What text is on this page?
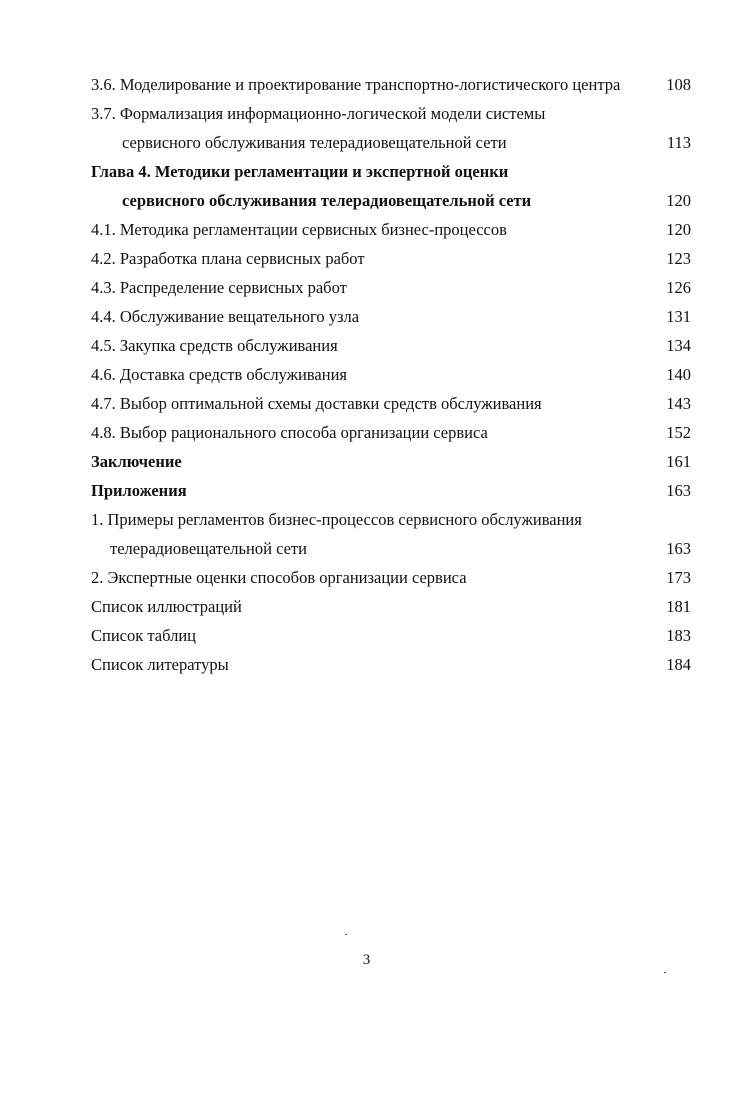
3.6. Моделирование и проектирование транспортно-логистического центра	108
3.7. Формализация информационно-логической модели системы
сервисного обслуживания телерадиовещательной сети	113
Глава 4. Методики регламентации и экспертной оценки
сервисного обслуживания телерадиовещательной сети	120
4.1. Методика регламентации сервисных бизнес-процессов	120
4.2. Разработка плана сервисных работ	123
4.3. Распределение сервисных работ	126
4.4. Обслуживание вещательного узла	131
4.5. Закупка средств обслуживания	134
4.6. Доставка средств обслуживания	140
4.7. Выбор оптимальной схемы доставки средств обслуживания	143
4.8. Выбор рационального способа организации сервиса	152
Заключение	161
Приложения	163
1. Примеры регламентов бизнес-процессов сервисного обслуживания
телерадиовещательной сети	163
2. Экспертные оценки способов организации сервиса	173
Список иллюстраций	181
Список таблиц	183
Список литературы	184
3
